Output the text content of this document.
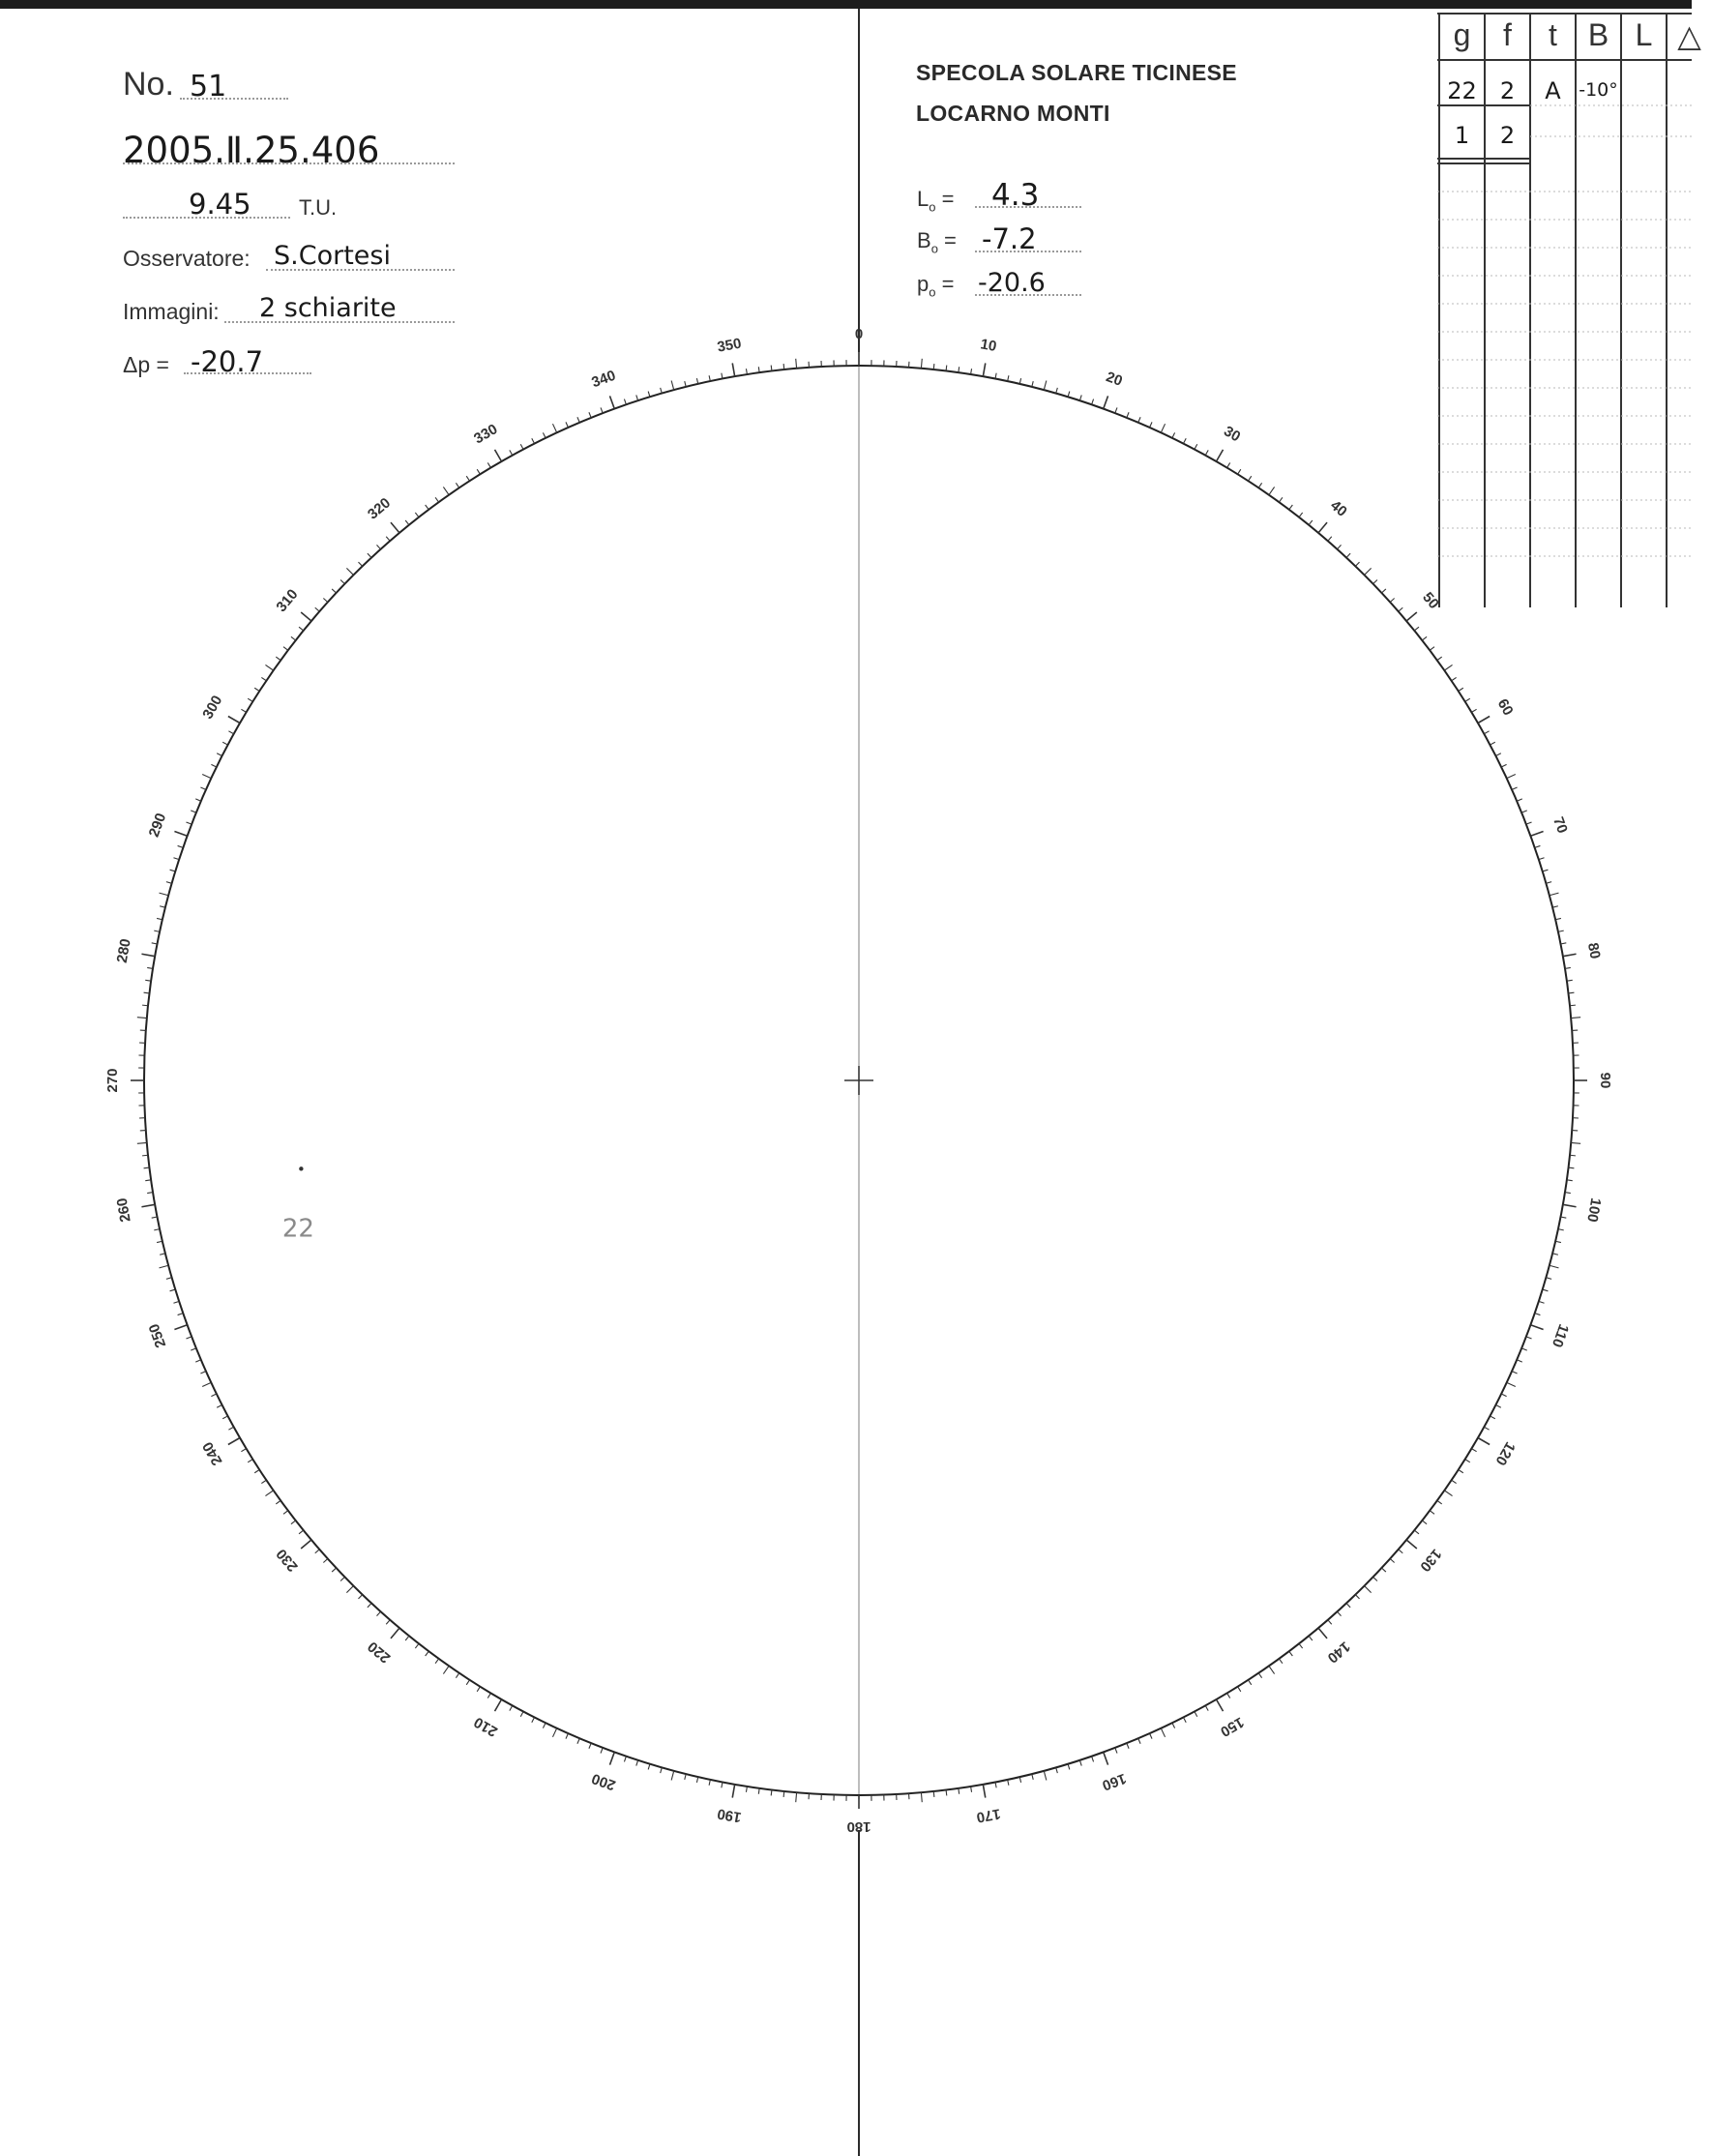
No. 51
2005.Ⅱ.25.406
9.45 T.U.
Osservatore: S.Cortesi
Immagini: 2 schiarite
Δp = -20.7
SPECOLA SOLARE TICINESE
LOCARNO MONTI
$L_o = 4.3$
$B_o = -7.2$
$p_o = -20.6$
g	f	t B L △
22	2	A -10°
1	2
0
10
20
30
40
50
60
70
80
90
100
110
120
130
140
150
160
170
180
190
200
210
220
230
240
250
260
270
280
290
300
310
320
330
340
350
22
